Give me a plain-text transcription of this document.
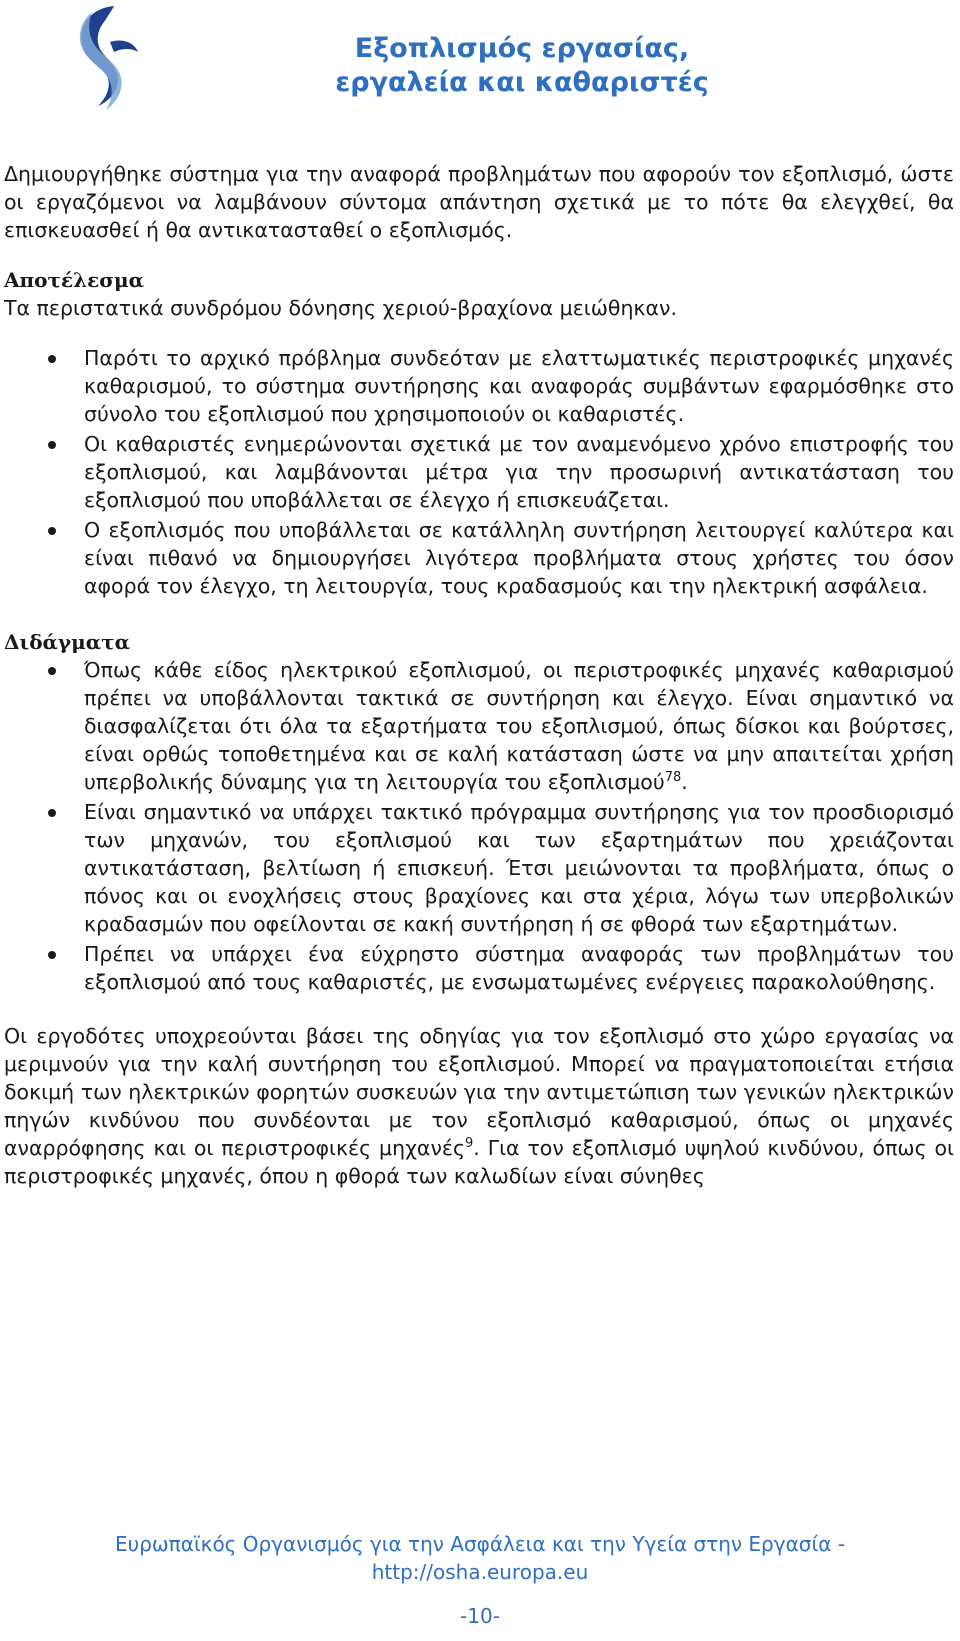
Εξοπλισμός εργασίας,
εργαλεία και καθαριστές

Δημιουργήθηκε σύστημα για την αναφορά προβλημάτων που αφορούν τον εξοπλισμό, ώστε οι εργαζόμενοι να λαμβάνουν σύντομα απάντηση σχετικά με το πότε θα ελεγχθεί, θα επισκευασθεί ή θα αντικατασταθεί ο εξοπλισμός.

Αποτέλεσμα

Τα περιστατικά συνδρόμου δόνησης χεριού-βραχίονα μειώθηκαν.

Παρότι το αρχικό πρόβλημα συνδεόταν με ελαττωματικές περιστροφικές μηχανές καθαρισμού, το σύστημα συντήρησης και αναφοράς συμβάντων εφαρμόσθηκε στο σύνολο του εξοπλισμού που χρησιμοποιούν οι καθαριστές.
Οι καθαριστές ενημερώνονται σχετικά με τον αναμενόμενο χρόνο επιστροφής του εξοπλισμού, και λαμβάνονται μέτρα για την προσωρινή αντικατάσταση του εξοπλισμού που υποβάλλεται σε έλεγχο ή επισκευάζεται.
Ο εξοπλισμός που υποβάλλεται σε κατάλληλη συντήρηση λειτουργεί καλύτερα και είναι πιθανό να δημιουργήσει λιγότερα προβλήματα στους χρήστες του όσον αφορά τον έλεγχο, τη λειτουργία, τους κραδασμούς και την ηλεκτρική ασφάλεια.

Διδάγματα

Όπως κάθε είδος ηλεκτρικού εξοπλισμού, οι περιστροφικές μηχανές καθαρισμού πρέπει να υποβάλλονται τακτικά σε συντήρηση και έλεγχο. Είναι σημαντικό να διασφαλίζεται ότι όλα τα εξαρτήματα του εξοπλισμού, όπως δίσκοι και βούρτσες, είναι ορθώς τοποθετημένα και σε καλή κατάσταση ώστε να μην απαιτείται χρήση υπερβολικής δύναμης για τη λειτουργία του εξοπλισμού$^{78}$.
Είναι σημαντικό να υπάρχει τακτικό πρόγραμμα συντήρησης για τον προσδιορισμό των μηχανών, του εξοπλισμού και των εξαρτημάτων που χρειάζονται αντικατάσταση, βελτίωση ή επισκευή. Έτσι μειώνονται τα προβλήματα, όπως ο πόνος και οι ενοχλήσεις στους βραχίονες και στα χέρια, λόγω των υπερβολικών κραδασμών που οφείλονται σε κακή συντήρηση ή σε φθορά των εξαρτημάτων.
Πρέπει να υπάρχει ένα εύχρηστο σύστημα αναφοράς των προβλημάτων του εξοπλισμού από τους καθαριστές, με ενσωματωμένες ενέργειες παρακολούθησης.

Οι εργοδότες υποχρεούνται βάσει της οδηγίας για τον εξοπλισμό στο χώρο εργασίας να μεριμνούν για την καλή συντήρηση του εξοπλισμού. Μπορεί να πραγματοποιείται ετήσια δοκιμή των ηλεκτρικών φορητών συσκευών για την αντιμετώπιση των γενικών ηλεκτρικών πηγών κινδύνου που συνδέονται με τον εξοπλισμό καθαρισμού, όπως οι μηχανές αναρρόφησης και οι περιστροφικές μηχανές$^9$. Για τον εξοπλισμό υψηλού κινδύνου, όπως οι περιστροφικές μηχανές, όπου η φθορά των καλωδίων είναι σύνηθες

Ευρωπαϊκός Οργανισμός για την Ασφάλεια και την Υγεία στην Εργασία -
http://osha.europa.eu
-10-
